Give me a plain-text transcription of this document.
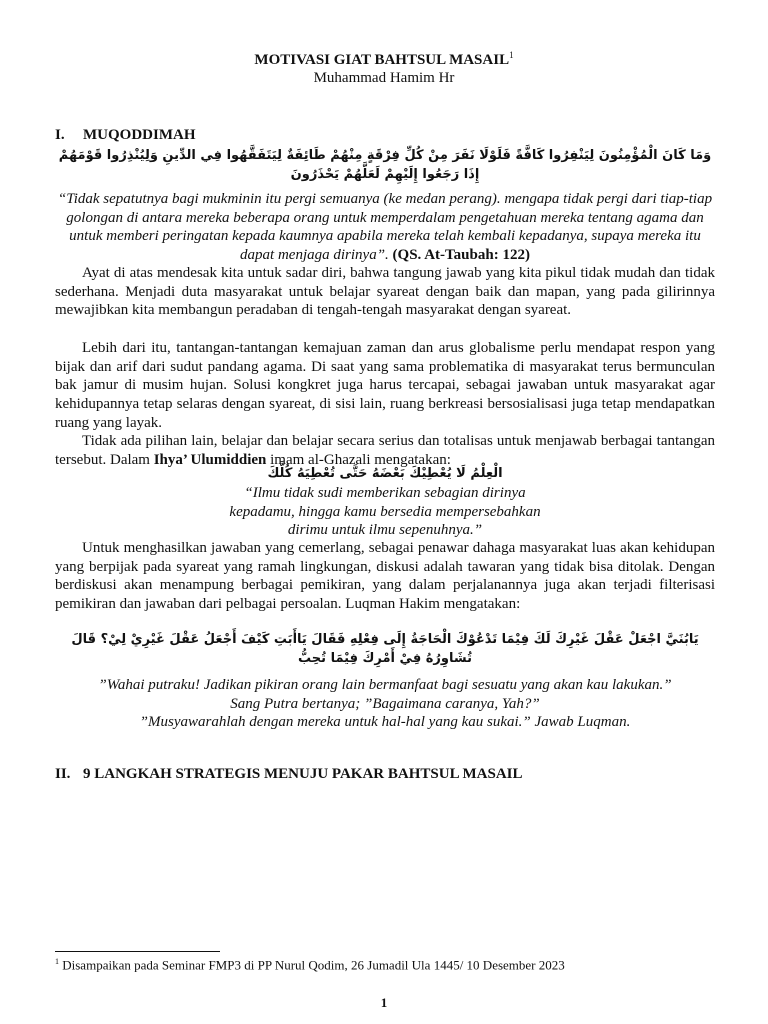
MOTIVASI GIAT BAHTSUL MASAIL$^1$
Muhammad Hamim Hr
I. MUQODDIMAH
وَمَا كَانَ الْمُؤْمِنُونَ لِيَنْفِرُوا كَافَّةً فَلَوْلَا نَفَرَ مِنْ كُلِّ فِرْقَةٍ مِنْهُمْ طَائِفَةٌ لِيَتَفَقَّهُوا فِي الدِّينِ وَلِيُنْذِرُوا قَوْمَهُمْ إِذَا رَجَعُوا إِلَيْهِمْ لَعَلَّهُمْ يَحْذَرُونَ
“Tidak sepatutnya bagi mukminin itu pergi semuanya (ke medan perang). mengapa tidak pergi dari tiap-tiap golongan di antara mereka beberapa orang untuk memperdalam pengetahuan mereka tentang agama dan untuk memberi peringatan kepada kaumnya apabila mereka telah kembali kepadanya, supaya mereka itu dapat menjaga dirinya”. (QS. At-Taubah: 122)
Ayat di atas mendesak kita untuk sadar diri, bahwa tangung jawab yang kita pikul tidak mudah dan tidak sederhana. Menjadi duta masyarakat untuk belajar syareat dengan baik dan mapan, yang pada gilirinnya mewajibkan kita membangun peradaban di tengah-tengah masyarakat dengan syareat.
Lebih dari itu, tantangan-tantangan kemajuan zaman dan arus globalisme perlu mendapat respon yang bijak dan arif dari sudut pandang agama. Di saat yang sama problematika di masyarakat terus bermunculan bak jamur di musim hujan. Solusi kongkret juga harus tercapai, sebagai jawaban untuk masyarakat agar kehidupannya tetap selaras dengan syareat, di sisi lain, ruang berkreasi bersosialisasi juga tetap mendapatkan ruang yang layak.
Tidak ada pilihan lain, belajar dan belajar secara serius dan totalisas untuk menjawab berbagai tantangan tersebut. Dalam Ihya’ Ulumiddien imam al-Ghazali mengatakan:
الْعِلْمُ لَا يُعْطِيْكَ بَعْضَهُ حَتَّى تُعْطِيَهُ كُلَّكَ
“Ilmu tidak sudi memberikan sebagian dirinya
kepadamu, hingga kamu bersedia mempersebahkan
dirimu untuk ilmu sepenuhnya.”
Untuk menghasilkan jawaban yang cemerlang, sebagai penawar dahaga masyarakat luas akan kehidupan yang berpijak pada syareat yang ramah lingkungan, diskusi adalah tawaran yang tidak bisa ditolak. Dengan berdiskusi akan menampung berbagai pemikiran, yang dalam perjalanannya juga akan terjadi filterisasi pemikiran dan jawaban dari pelbagai persoalan. Luqman Hakim mengatakan:
يَابُنَيَّ اجْعَلْ عَقْلَ غَيْرِكَ لَكَ فِيْمَا تَدْعُوْكَ الْحَاجَةُ إِلَى فِعْلِهِ فَقَالَ يَاأَبَتِ كَيْفَ أَجْعَلُ عَقْلَ غَيْرِيْ لِيْ؟ قَالَ تُشَاوِرُهُ فِيْ أَمْرِكَ فِيْمَا تُحِبُّ
”Wahai putraku! Jadikan pikiran orang lain bermanfaat bagi sesuatu yang akan kau lakukan.”
Sang Putra bertanya; ”Bagaimana caranya, Yah?”
”Musyawarahlah dengan mereka untuk hal-hal yang kau sukai.” Jawab Luqman.
II. 9 LANGKAH STRATEGIS MENUJU PAKAR BAHTSUL MASAIL
$^1$ Disampaikan pada Seminar FMP3 di PP Nurul Qodim, 26 Jumadil Ula 1445/ 10 Desember 2023
1
